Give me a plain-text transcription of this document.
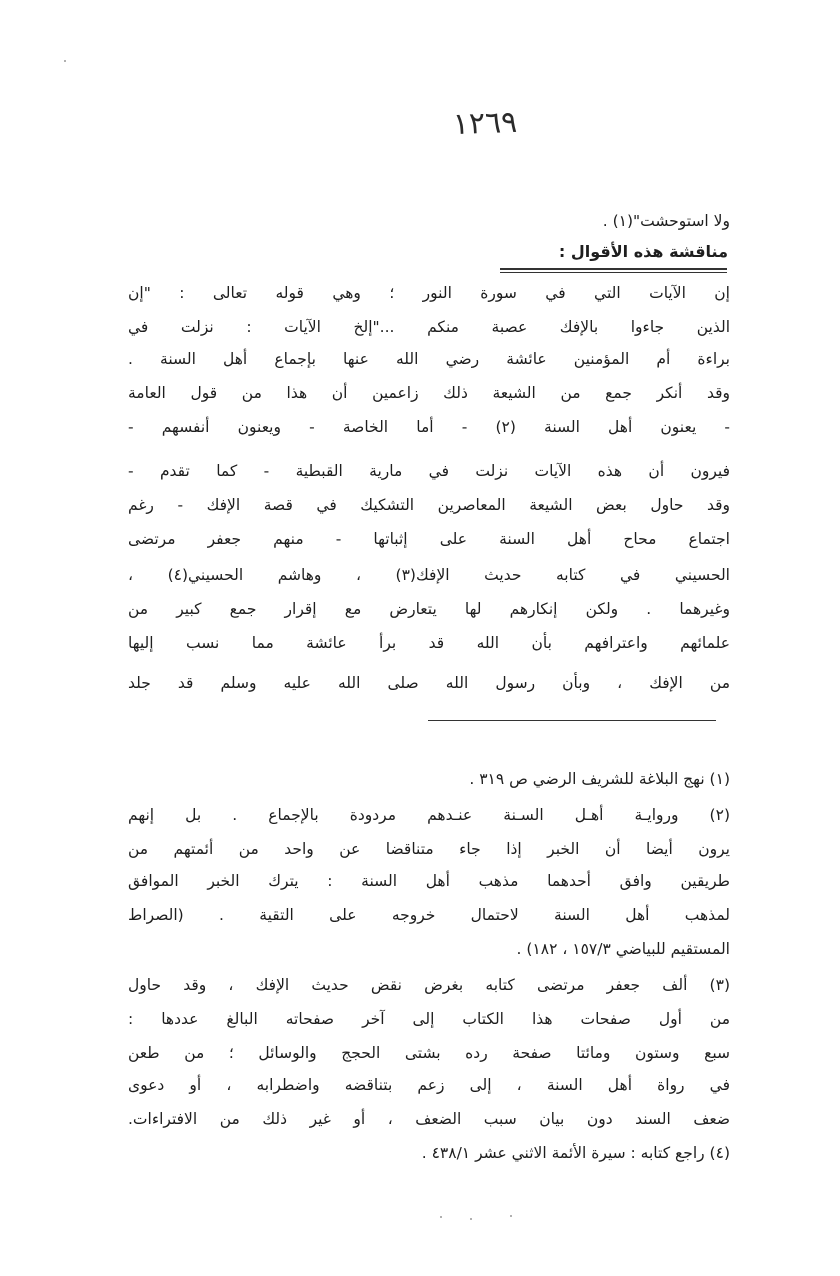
١٢٦٩
ولا استوحشت"(١) .
مناقشة هذه الأقوال :
إن الآيات التي في سورة النور ؛ وهي قوله تعالى : "إن
الذين جاءوا بالإفك عصبة منكم ..."إلخ الآيات : نزلت في
براءة أم المؤمنين عائشة رضي الله عنها بإجماع أهل السنة .
وقد أنكر جمع من الشيعة ذلك زاعمين أن هذا من قول العامة
- يعنون أهل السنة (٢) - أما الخاصة - ويعنون أنفسهم -
فيرون أن هذه الآيات نزلت في مارية القبطية - كما تقدم -
وقد حاول بعض الشيعة المعاصرين التشكيك في قصة الإفك - رغم
اجتماع محاح أهل السنة على إثباتها - منهم جعفر مرتضى
الحسيني في كتابه حديث الإفك(٣) ، وهاشم الحسيني(٤) ،
وغيرهما . ولكن إنكارهم لها يتعارض مع إقرار جمع كبير من
علمائهم واعترافهم بأن الله قد برأ عائشة مما نسب إليها
من الإفك ، وبأن رسول الله صلى الله عليه وسلم قد جلد
(١) نهج البلاغة للشريف الرضي ص ٣١٩ .
(٢) وروايـة أهـل السـنة عنـدهم مردودة بالإجماع . بل إنهم
يرون أيضا أن الخبر إذا جاء متناقضا عن واحد من أئمتهم من
طريقين وافق أحدهما مذهب أهل السنة : يترك الخبر الموافق
لمذهب أهل السنة لاحتمال خروجه على التقية . (الصراط
المستقيم للبياضي ١٥٧/٣ ، ١٨٢) .
(٣) ألف جعفر مرتضى كتابه بغرض نقض حديث الإفك ، وقد حاول
من أول صفحات هذا الكتاب إلى آخر صفحاته البالغ عددها :
سبع وستون ومائتا صفحة رده بشتى الحجج والوسائل ؛ من طعن
في رواة أهل السنة ، إلى زعم بتناقضه واضطرابه ، أو دعوى
ضعف السند دون بيان سبب الضعف ، أو غير ذلك من الافتراءات.
(٤) راجع كتابه : سيرة الأئمة الاثني عشر ٤٣٨/١ .
